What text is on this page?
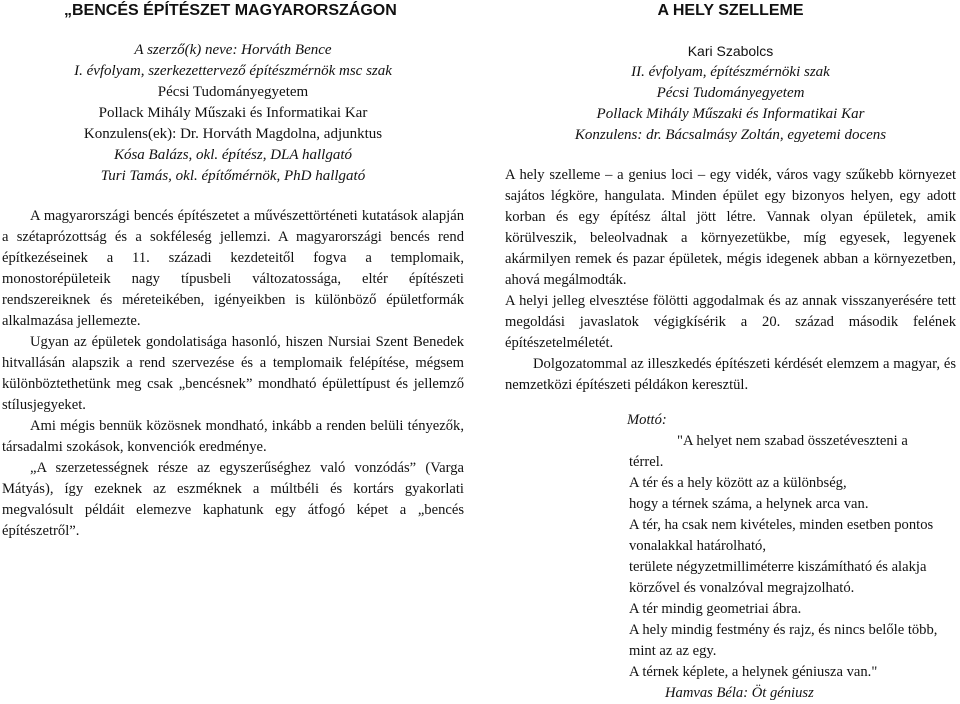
„BENCÉS ÉPÍTÉSZET MAGYARORSZÁGON
A szerző(k) neve: Horváth Bence
I. évfolyam, szerkezettervező építészmérnök msc szak
Pécsi Tudományegyetem
Pollack Mihály Műszaki és Informatikai Kar
Konzulens(ek): Dr. Horváth Magdolna, adjunktus
Kósa Balázs, okl. építész, DLA hallgató
Turi Tamás, okl. építőmérnök, PhD hallgató

A magyarországi bencés építészetet a művészettörténeti kutatások alapján a szétaprózottság és a sokféleség jellemzi. A magyarországi bencés rend építkezéseinek a 11. századi kezdeteitől fogva a templomaik, monostorépületeik nagy típusbeli változatossága, eltér építészeti rendszereiknek és méreteikében, igényeikben is különböző épületformák alkalmazása jellemezte.

Ugyan az épületek gondolatisága hasonló, hiszen Nursiai Szent Benedek hitvallásán alapszik a rend szervezése és a templomaik felépítése, mégsem különböztethetünk meg csak „bencésnek” mondható épülettípust és jellemző stílusjegyeket.

Ami mégis bennük közösnek mondható, inkább a renden belüli tényezők, társadalmi szokások, konvenciók eredménye.

„A szerzetességnek része az egyszerűséghez való vonzódás” (Varga Mátyás), így ezeknek az eszméknek a múltbéli és kortárs gyakorlati megvalósult példáit elemezve kaphatunk egy átfogó képet a „bencés építészetről”.

A HELY SZELLEME
Kari Szabolcs
II. évfolyam, építészmérnöki szak
Pécsi Tudományegyetem
Pollack Mihály Műszaki és Informatikai Kar
Konzulens: dr. Bácsalmásy Zoltán, egyetemi docens

A hely szelleme – a genius loci – egy vidék, város vagy szűkebb környezet sajátos légköre, hangulata. Minden épület egy bizonyos helyen, egy adott korban és egy építész által jött létre. Vannak olyan épületek, amik körülveszik, beleolvadnak a környezetükbe, míg egyesek, legyenek akármilyen remek és pazar épületek, mégis idegenek abban a környezetben, ahová megálmodták.

A helyi jelleg elvesztése fölötti aggodalmak és az annak visszanyerésére tett megoldási javaslatok végigkísérik a 20. század második felének építészetelméletét.

Dolgozatommal az illeszkedés építészeti kérdését elemzem a magyar, és nemzetközi építészeti példákon keresztül.

Mottó:
"A helyet nem szabad összetéveszteni a
térrel.
A tér és a hely között az a különbség,
hogy a térnek száma, a helynek arca van.
A tér, ha csak nem kivételes, minden esetben pontos vonalakkal határolható,
területe négyzetmilliméterre kiszámítható és alakja körzővel és vonalzóval megrajzolható.
A tér mindig geometriai ábra.
A hely mindig festmény és rajz, és nincs belőle több, mint az az egy.
A térnek képlete, a helynek géniusza van."
Hamvas Béla: Öt géniusz
